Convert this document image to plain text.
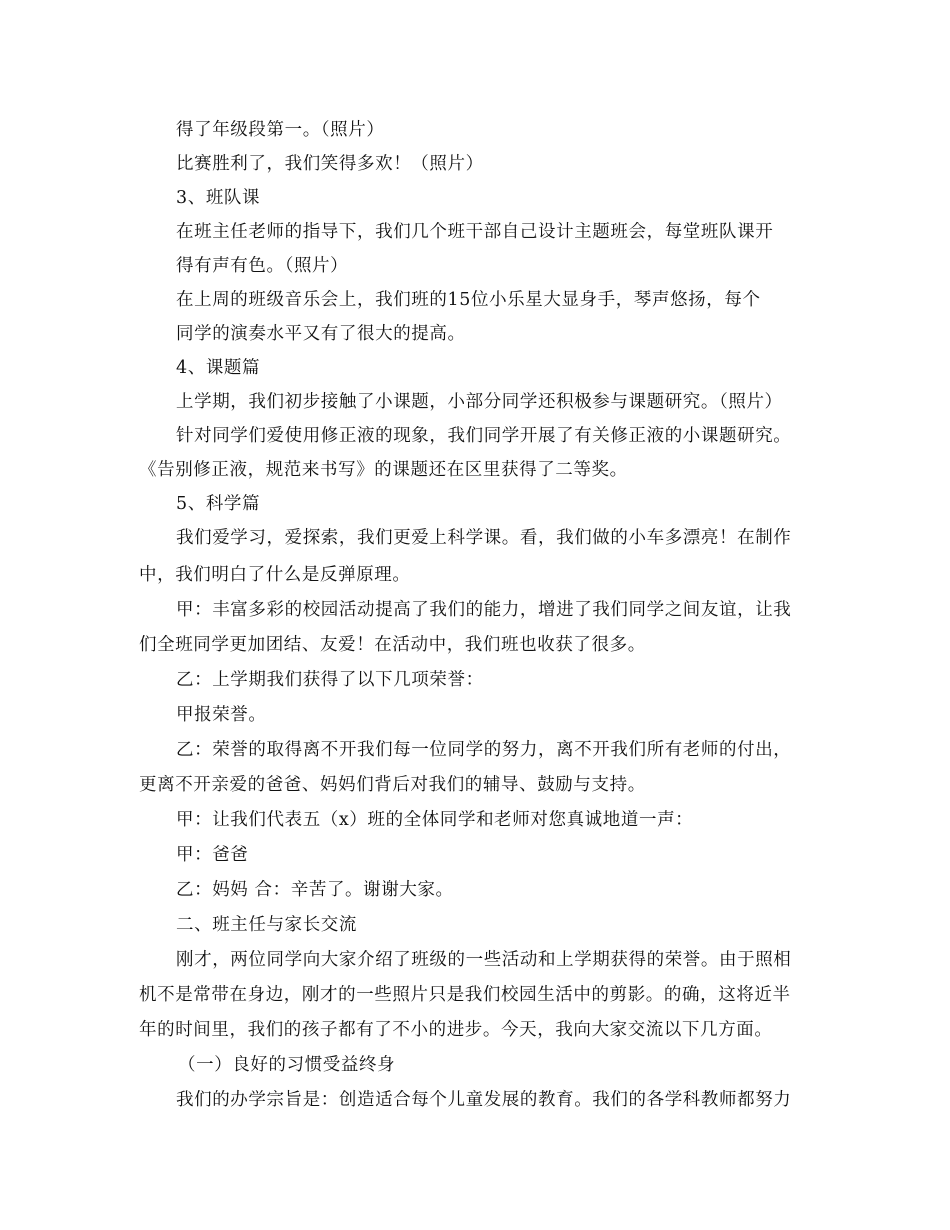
得了年级段第一。（照片）
比赛胜利了，我们笑得多欢！（照片）
3、班队课
在班主任老师的指导下，我们几个班干部自己设计主题班会，每堂班队课开
得有声有色。（照片）
在上周的班级音乐会上，我们班的15位小乐星大显身手，琴声悠扬，每个
同学的演奏水平又有了很大的提高。
4、课题篇
上学期，我们初步接触了小课题，小部分同学还积极参与课题研究。（照片）
针对同学们爱使用修正液的现象，我们同学开展了有关修正液的小课题研究。
《告别修正液，规范来书写》的课题还在区里获得了二等奖。
5、科学篇
我们爱学习，爱探索，我们更爱上科学课。看，我们做的小车多漂亮！在制作
中，我们明白了什么是反弹原理。
甲：丰富多彩的校园活动提高了我们的能力，增进了我们同学之间友谊，让我
们全班同学更加团结、友爱！在活动中，我们班也收获了很多。
乙：上学期我们获得了以下几项荣誉：
甲报荣誉。
乙：荣誉的取得离不开我们每一位同学的努力，离不开我们所有老师的付出，
更离不开亲爱的爸爸、妈妈们背后对我们的辅导、鼓励与支持。
甲：让我们代表五（x）班的全体同学和老师对您真诚地道一声：
甲：爸爸
乙：妈妈 合：辛苦了。谢谢大家。
二、班主任与家长交流
刚才，两位同学向大家介绍了班级的一些活动和上学期获得的荣誉。由于照相
机不是常带在身边，刚才的一些照片只是我们校园生活中的剪影。的确，这将近半
年的时间里，我们的孩子都有了不小的进步。今天，我向大家交流以下几方面。
（一）良好的习惯受益终身
我们的办学宗旨是：创造适合每个儿童发展的教育。我们的各学科教师都努力
